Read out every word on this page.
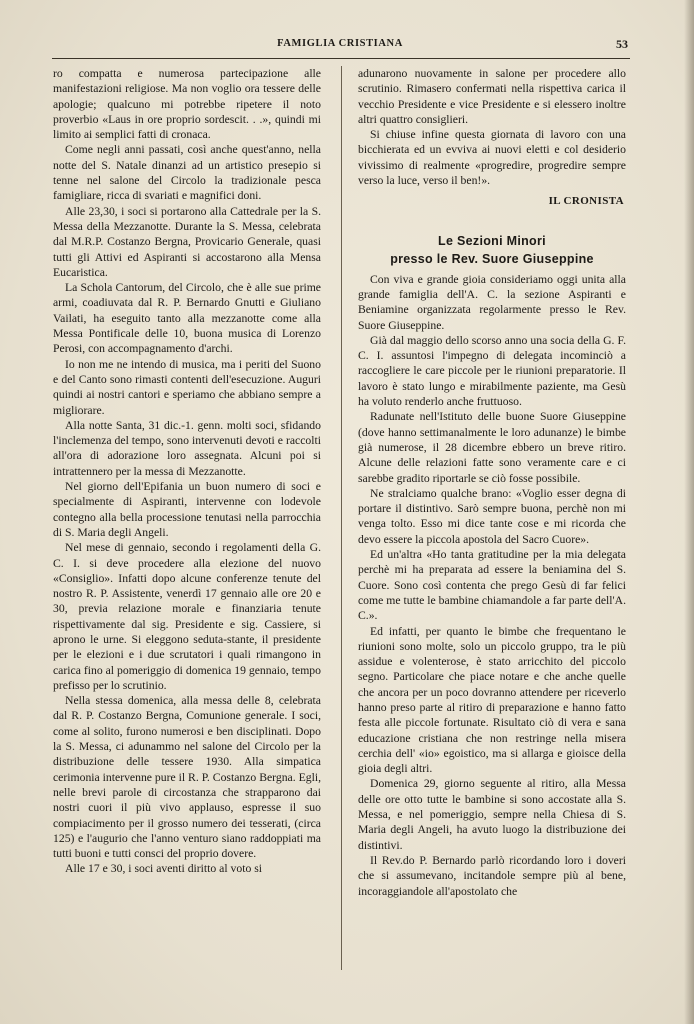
FAMIGLIA CRISTIANA	53

ro compatta e numerosa partecipazione alle manifestazioni religiose. Ma non voglio ora tessere delle apologie; qualcuno mi potrebbe ripetere il noto proverbio «Laus in ore proprio sordescit. . .», quindi mi limito ai semplici fatti di cronaca.

Come negli anni passati, così anche quest'anno, nella notte del S. Natale dinanzi ad un artistico presepio si tenne nel salone del Circolo la tradizionale pesca famigliare, ricca di svariati e magnifici doni.

Alle 23,30, i soci si portarono alla Cattedrale per la S. Messa della Mezzanotte. Durante la S. Messa, celebrata dal M.R.P. Costanzo Bergna, Provicario Generale, quasi tutti gli Attivi ed Aspiranti si accostarono alla Mensa Eucaristica.

La Schola Cantorum, del Circolo, che è alle sue prime armi, coadiuvata dal R. P. Bernardo Gnutti e Giuliano Vailati, ha eseguito tanto alla mezzanotte come alla Messa Pontificale delle 10, buona musica di Lorenzo Perosi, con accompagnamento d'archi.

Io non me ne intendo di musica, ma i periti del Suono e del Canto sono rimasti contenti dell'esecuzione. Auguri quindi ai nostri cantori e speriamo che abbiano sempre a migliorare.

Alla notte Santa, 31 dic.-1. genn. molti soci, sfidando l'inclemenza del tempo, sono intervenuti devoti e raccolti all'ora di adorazione loro assegnata. Alcuni poi si intrattennero per la messa di Mezzanotte.

Nel giorno dell'Epifania un buon numero di soci e specialmente di Aspiranti, intervenne con lodevole contegno alla bella processione tenutasi nella parrocchia di S. Maria degli Angeli.

Nel mese di gennaio, secondo i regolamenti della G. C. I. si deve procedere alla elezione del nuovo «Consiglio». Infatti dopo alcune conferenze tenute del nostro R. P. Assistente, venerdì 17 gennaio alle ore 20 e 30, previa relazione morale e finanziaria tenute rispettivamente dal sig. Presidente e sig. Cassiere, si aprono le urne. Si eleggono seduta-stante, il presidente per le elezioni e i due scrutatori i quali rimangono in carica fino al pomeriggio di domenica 19 gennaio, tempo prefisso per lo scrutinio.

Nella stessa domenica, alla messa delle 8, celebrata dal R. P. Costanzo Bergna, Comunione generale. I soci, come al solito, furono numerosi e ben disciplinati. Dopo la S. Messa, ci adunammo nel salone del Circolo per la distribuzione delle tessere 1930. Alla simpatica cerimonia intervenne pure il R. P. Costanzo Bergna. Egli, nelle brevi parole di circostanza che strapparono dai nostri cuori il più vivo applauso, espresse il suo compiacimento per il grosso numero dei tesserati, (circa 125) e l'augurio che l'anno venturo siano raddoppiati ma tutti buoni e tutti consci del proprio dovere.

Alle 17 e 30, i soci aventi diritto al voto si

adunarono nuovamente in salone per procedere allo scrutinio. Rimasero confermati nella rispettiva carica il vecchio Presidente e vice Presidente e si elessero inoltre altri quattro consiglieri.

Si chiuse infine questa giornata di lavoro con una bicchierata ed un evviva ai nuovi eletti e col desiderio vivissimo di realmente «progredire, progredire sempre verso la luce, verso il ben!».

IL CRONISTA
Le Sezioni Minori
presso le Rev. Suore Giuseppine

Con viva e grande gioia consideriamo oggi unita alla grande famiglia dell'A. C. la sezione Aspiranti e Beniamine organizzata regolarmente presso le Rev. Suore Giuseppine.

Già dal maggio dello scorso anno una socia della G. F. C. I. assuntosi l'impegno di delegata incominciò a raccogliere le care piccole per le riunioni preparatorie. Il lavoro è stato lungo e mirabilmente paziente, ma Gesù ha voluto renderlo anche fruttuoso.

Radunate nell'Istituto delle buone Suore Giuseppine (dove hanno settimanalmente le loro adunanze) le bimbe già numerose, il 28 dicembre ebbero un breve ritiro. Alcune delle relazioni fatte sono veramente care e ci sarebbe gradito riportarle se ciò fosse possibile.

Ne stralciamo qualche brano: «Voglio esser degna di portare il distintivo. Sarò sempre buona, perchè non mi venga tolto. Esso mi dice tante cose e mi ricorda che devo essere la piccola apostola del Sacro Cuore».

Ed un'altra «Ho tanta gratitudine per la mia delegata perchè mi ha preparata ad essere la beniamina del S. Cuore. Sono così contenta che prego Gesù di far felici come me tutte le bambine chiamandole a far parte dell'A. C.».

Ed infatti, per quanto le bimbe che frequentano le riunioni sono molte, solo un piccolo gruppo, tra le più assidue e volenterose, è stato arricchito del piccolo segno. Particolare che piace notare e che anche quelle che ancora per un poco dovranno attendere per riceverlo hanno preso parte al ritiro di preparazione e hanno fatto festa alle piccole fortunate. Risultato ciò di vera e sana educazione cristiana che non restringe nella misera cerchia dell' «io» egoistico, ma si allarga e gioisce della gioia degli altri.

Domenica 29, giorno seguente al ritiro, alla Messa delle ore otto tutte le bambine si sono accostate alla S. Messa, e nel pomeriggio, sempre nella Chiesa di S. Maria degli Angeli, ha avuto luogo la distribuzione dei distintivi.

Il Rev.do P. Bernardo parlò ricordando loro i doveri che si assumevano, incitandole sempre più al bene, incoraggiandole all'apostolato che
